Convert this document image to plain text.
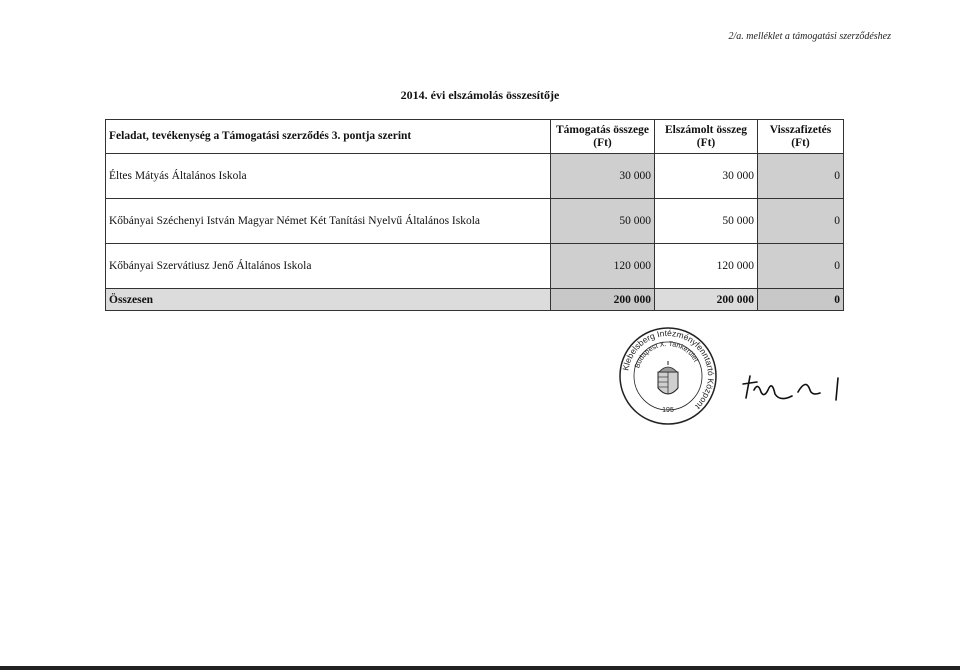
2/a. melléklet a támogatási szerződéshez
2014. évi elszámolás összesítője
Feladat, tevékenység a Támogatási szerződés 3. pontja szerint	Támogatás összege (Ft)	Elszámolt összeg (Ft)	Visszafizetés (Ft)
Éltes Mátyás Általános Iskola	30 000	30 000	0
Kőbányai Széchenyi István Magyar Német Két Tanítási Nyelvű Általános Iskola	50 000	50 000	0
Kőbányai Szervátiusz Jenő Általános Iskola	120 000	120 000	0
Összesen	200 000	200 000	0
Klebelsberg Intézményfenntartó Központ
Budapest X. Tankerület
195
